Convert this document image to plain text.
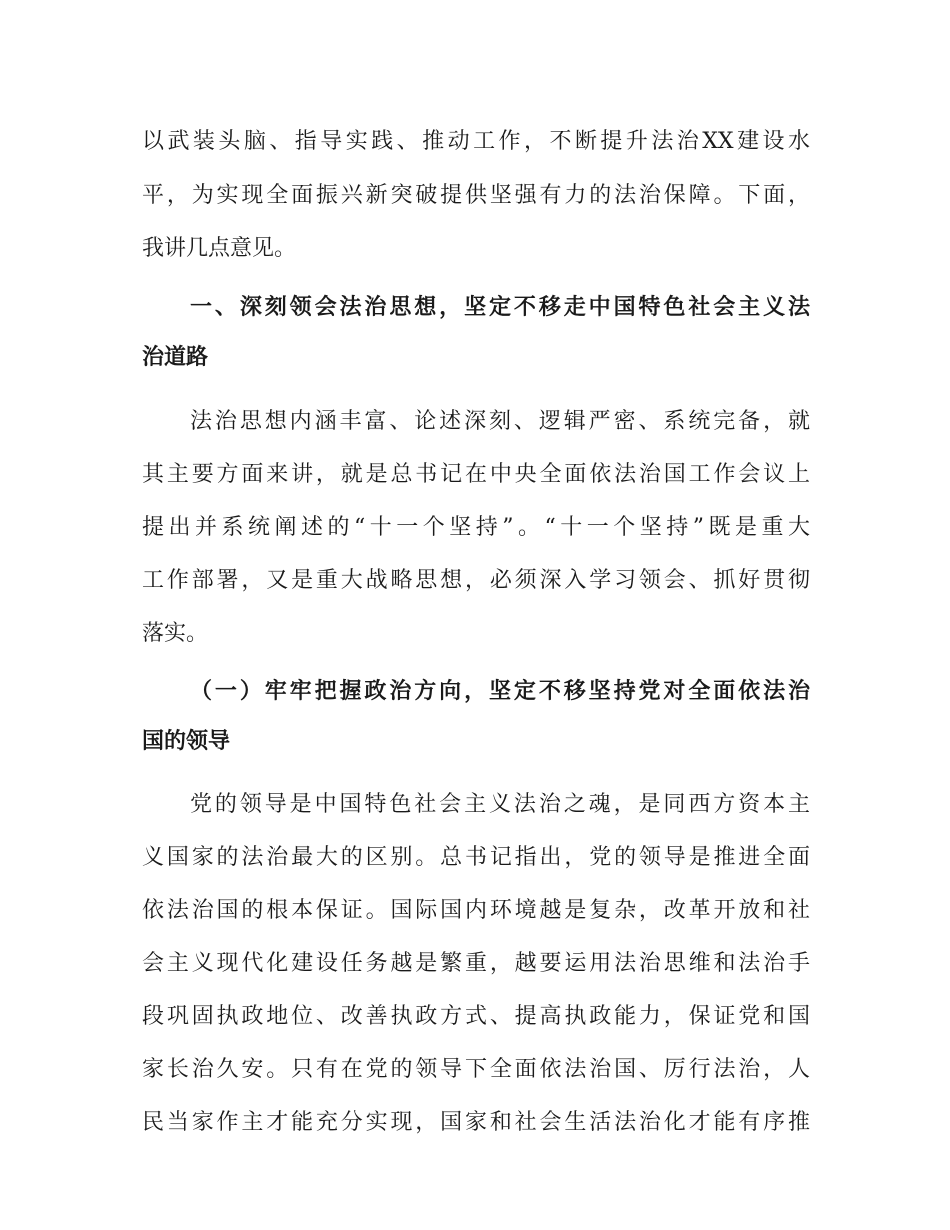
以武装头脑、指导实践、推动工作，不断提升法治XX建设水
平，为实现全面振兴新突破提供坚强有力的法治保障。下面，
我讲几点意见。
一、深刻领会法治思想，坚定不移走中国特色社会主义法
治道路
法治思想内涵丰富、论述深刻、逻辑严密、系统完备，就
其主要方面来讲，就是总书记在中央全面依法治国工作会议上
提出并系统阐述的“十一个坚持”。“十一个坚持”既是重大
工作部署，又是重大战略思想，必须深入学习领会、抓好贯彻
落实。
（一）牢牢把握政治方向，坚定不移坚持党对全面依法治
国的领导
党的领导是中国特色社会主义法治之魂，是同西方资本主
义国家的法治最大的区别。总书记指出，党的领导是推进全面
依法治国的根本保证。国际国内环境越是复杂，改革开放和社
会主义现代化建设任务越是繁重，越要运用法治思维和法治手
段巩固执政地位、改善执政方式、提高执政能力，保证党和国
家长治久安。只有在党的领导下全面依法治国、厉行法治，人
民当家作主才能充分实现，国家和社会生活法治化才能有序推
